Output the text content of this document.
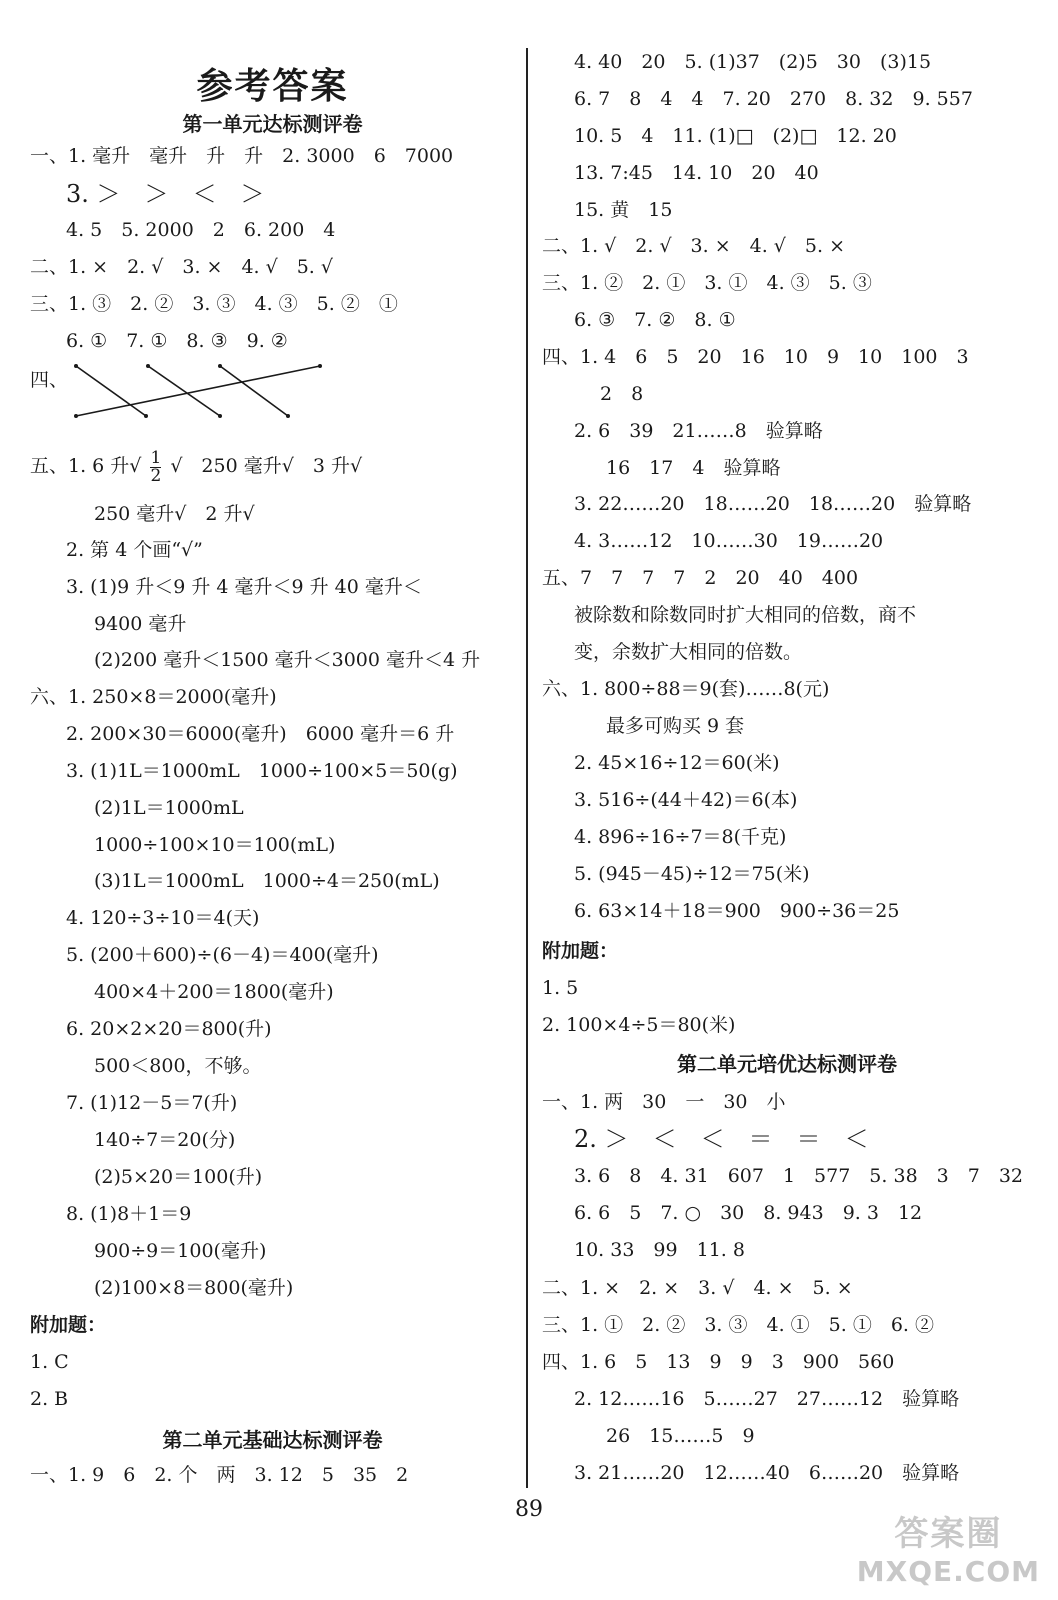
参考答案
第一单元达标测评卷
一、1. 毫升　毫升　升　升　2. 3000　6　7000
3. ＞　＞　＜　＞
4. 5　5. 2000　2　6. 200　4
二、1. ×　2. √　3. ×　4. √　5. √
三、1. ③　2. ②　3. ③　4. ③　5. ②　①
6. ①　7. ①　8. ③　9. ②
四、
五、1. 6 升√ $\frac{1}{2}$ √　250 毫升√　3 升√
250 毫升√　2 升√
2. 第 4 个画“√”
3. (1)9 升＜9 升 4 毫升＜9 升 40 毫升＜
9400 毫升
(2)200 毫升＜1500 毫升＜3000 毫升＜4 升
六、1. 250×8＝2000(毫升)
2. 200×30＝6000(毫升)　6000 毫升＝6 升
3. (1)1L＝1000mL　1000÷100×5＝50(g)
(2)1L＝1000mL
1000÷100×10＝100(mL)
(3)1L＝1000mL　1000÷4＝250(mL)
4. 120÷3÷10＝4(天)
5. (200＋600)÷(6－4)＝400(毫升)
400×4＋200＝1800(毫升)
6. 20×2×20＝800(升)
500＜800，不够。
7. (1)12－5＝7(升)
140÷7＝20(分)
(2)5×20＝100(升)
8. (1)8＋1＝9
900÷9＝100(毫升)
(2)100×8＝800(毫升)
附加题：
1. C
2. B
第二单元基础达标测评卷
一、1. 9　6　2. 个　两　3. 12　5　35　2
4. 40　20　5. (1)37　(2)5　30　(3)15
6. 7　8　4　4　7. 20　270　8. 32　9. 557
10. 5　4　11. (1)□　(2)□　12. 20
13. 7:45　14. 10　20　40
15. 黄　15
二、1. √　2. √　3. ×　4. √　5. ×
三、1. ②　2. ①　3. ①　4. ③　5. ③
6. ③　7. ②　8. ①
四、1. 4　6　5　20　16　10　9　10　100　3
2　8
2. 6　39　21……8　验算略
16　17　4　验算略
3. 22……20　18……20　18……20　验算略
4. 3……12　10……30　19……20
五、7　7　7　7　2　20　40　400
被除数和除数同时扩大相同的倍数，商不
变，余数扩大相同的倍数。
六、1. 800÷88＝9(套)……8(元)
最多可购买 9 套
2. 45×16÷12＝60(米)
3. 516÷(44＋42)＝6(本)
4. 896÷16÷7＝8(千克)
5. (945－45)÷12＝75(米)
6. 63×14＋18＝900　900÷36＝25
附加题：
1. 5
2. 100×4÷5＝80(米)
第二单元培优达标测评卷
一、1. 两　30　一　30　小
2. ＞　＜　＜　＝　＝　＜
3. 6　8　4. 31　607　1　577　5. 38　3　7　32
6. 6　5　7. ○　30　8. 943　9. 3　12
10. 33　99　11. 8
二、1. ×　2. ×　3. √　4. ×　5. ×
三、1. ①　2. ②　3. ③　4. ①　5. ①　6. ②
四、1. 6　5　13　9　9　3　900　560
2. 12……16　5……27　27……12　验算略
26　15……5　9
3. 21……20　12……40　6……20　验算略
89
答案圈
MXQE.COM
